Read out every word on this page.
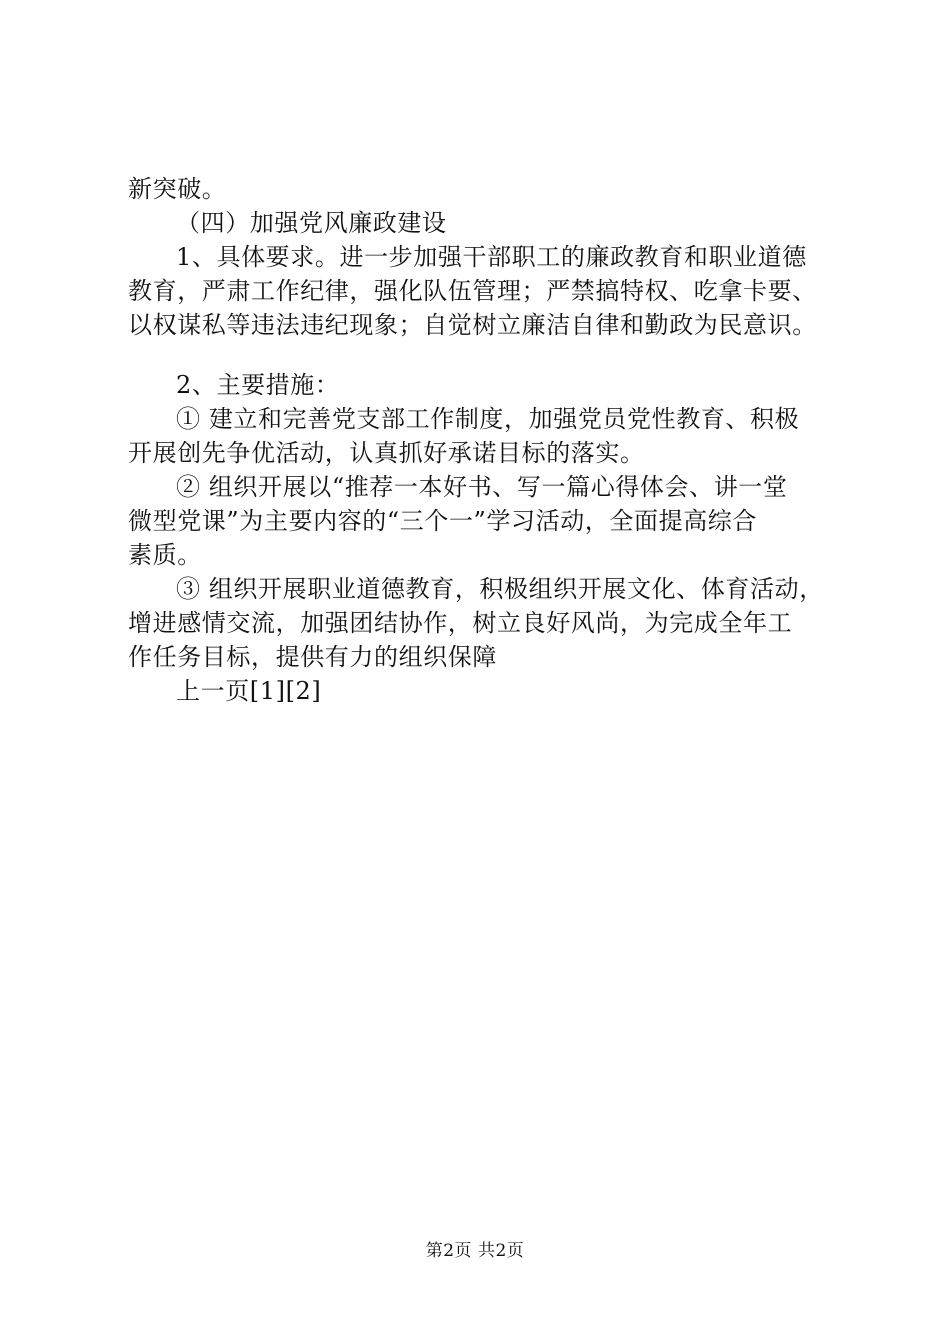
新突破。
（四）加强党风廉政建设
1、具体要求。进一步加强干部职工的廉政教育和职业道德
教育，严肃工作纪律，强化队伍管理；严禁搞特权、吃拿卡要、
以权谋私等违法违纪现象；自觉树立廉洁自律和勤政为民意识。
2、主要措施：
① 建立和完善党支部工作制度，加强党员党性教育、积极
开展创先争优活动，认真抓好承诺目标的落实。
② 组织开展以“推荐一本好书、写一篇心得体会、讲一堂
微型党课”为主要内容的“三个一”学习活动，全面提高综合
素质。
③ 组织开展职业道德教育，积极组织开展文化、体育活动，
增进感情交流，加强团结协作，树立良好风尚，为完成全年工
作任务目标，提供有力的组织保障
上一页[1][2]
第2页 共2页
